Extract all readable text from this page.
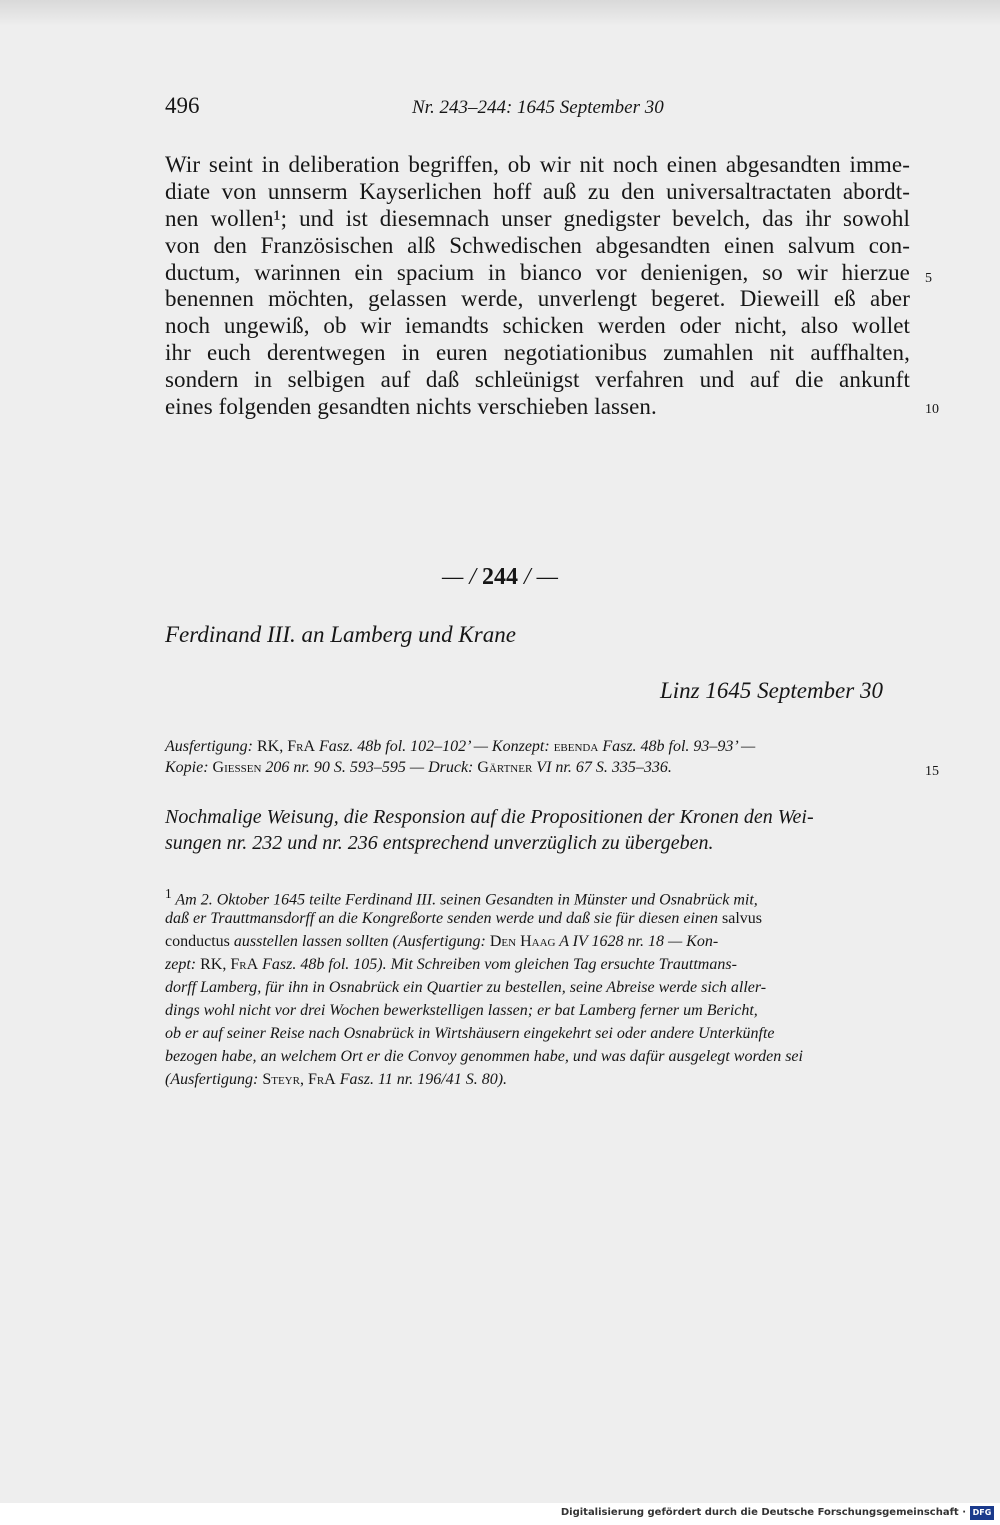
496	Nr. 243–244: 1645 September 30
Wir seint in deliberation begriffen, ob wir nit noch einen abgesandten imme-
diate von unnserm Kayserlichen hoff auß zu den universaltractaten abordt-
nen wollen¹; und ist diesemnach unser gnedigster bevelch, das ihr sowohl
von den Französischen alß Schwedischen abgesandten einen salvum con-
ductum, warinnen ein spacium in bianco vor denienigen, so wir hierzue
benennen möchten, gelassen werde, unverlengt begeret. Dieweill eß aber
noch ungewiß, ob wir iemandts schicken werden oder nicht, also wollet
ihr euch derentwegen in euren negotiationibus zumahlen nit auffhalten,
sondern in selbigen auf daß schleünigst verfahren und auf die ankunft
eines folgenden gesandten nichts verschieben lassen.
5
10
15
— / 244 / —
Ferdinand III. an Lamberg und Krane
Linz 1645 September 30
Ausfertigung: RK, FrA Fasz. 48b fol. 102–102’ — Konzept: ebenda Fasz. 48b fol. 93–93’ —
Kopie: Giessen 206 nr. 90 S. 593–595 — Druck: Gärtner VI nr. 67 S. 335–336.
Nochmalige Weisung, die Responsion auf die Propositionen der Kronen den Wei-
sungen nr. 232 und nr. 236 entsprechend unverzüglich zu übergeben.
$^1$ Am 2. Oktober 1645 teilte Ferdinand III. seinen Gesandten in Münster und Osnabrück mit,
daß er Trauttmansdorff an die Kongreßorte senden werde und daß sie für diesen einen salvus
conductus ausstellen lassen sollten (Ausfertigung: Den Haag A IV 1628 nr. 18 — Kon-
zept: RK, FrA Fasz. 48b fol. 105). Mit Schreiben vom gleichen Tag ersuchte Trauttmans-
dorff Lamberg, für ihn in Osnabrück ein Quartier zu bestellen, seine Abreise werde sich aller-
dings wohl nicht vor drei Wochen bewerkstelligen lassen; er bat Lamberg ferner um Bericht,
ob er auf seiner Reise nach Osnabrück in Wirtshäusern eingekehrt sei oder andere Unterkünfte
bezogen habe, an welchem Ort er die Convoy genommen habe, und was dafür ausgelegt worden sei
(Ausfertigung: Steyr, FrA Fasz. 11 nr. 196/41 S. 80).
Digitalisierung gefördert durch die Deutsche Forschungsgemeinschaft · DFG
